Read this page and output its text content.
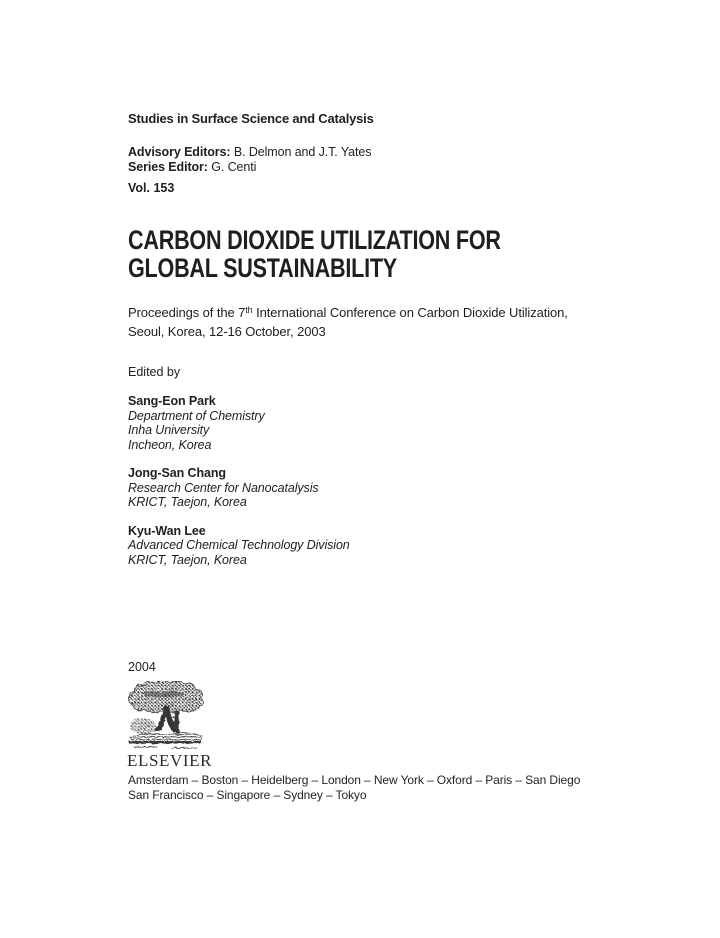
Studies in Surface Science and Catalysis
Advisory Editors: B. Delmon and J.T. Yates
Series Editor: G. Centi
Vol. 153
CARBON DIOXIDE UTILIZATION FOR
GLOBAL SUSTAINABILITY
Proceedings of the 7th International Conference on Carbon Dioxide Utilization,
Seoul, Korea, 12-16 October, 2003
Edited by
Sang-Eon Park
Department of Chemistry
Inha University
Incheon, Korea
Jong-San Chang
Research Center for Nanocatalysis
KRICT, Taejon, Korea
Kyu-Wan Lee
Advanced Chemical Technology Division
KRICT, Taejon, Korea
2004
ELSEVIER
Amsterdam – Boston – Heidelberg – London – New York – Oxford – Paris – San Diego
San Francisco – Singapore – Sydney – Tokyo
